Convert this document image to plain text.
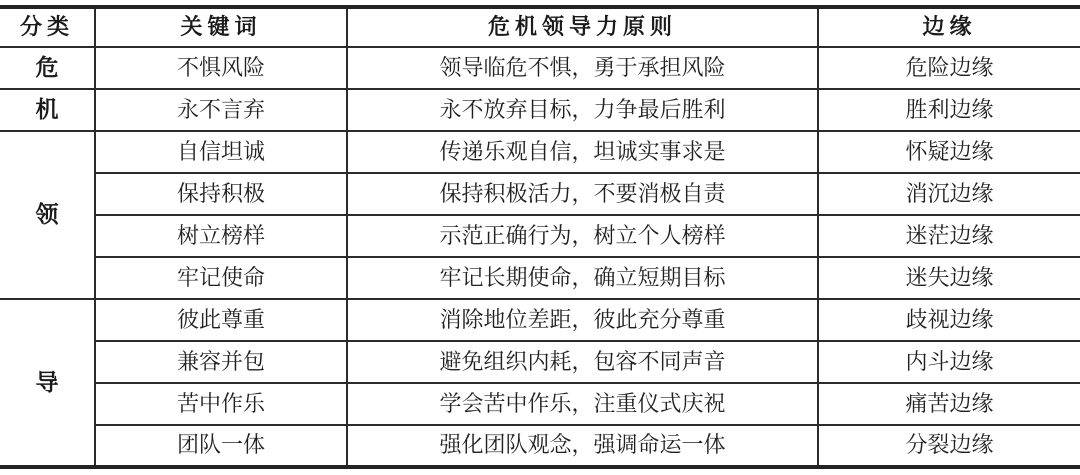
分类	关键词	危机领导力原则	边缘
危	不惧风险	领导临危不惧，勇于承担风险	危险边缘
机	永不言弃	永不放弃目标，力争最后胜利	胜利边缘
领	自信坦诚	传递乐观自信，坦诚实事求是	怀疑边缘
	保持积极	保持积极活力，不要消极自责	消沉边缘
	树立榜样	示范正确行为，树立个人榜样	迷茫边缘
	牢记使命	牢记长期使命，确立短期目标	迷失边缘
导	彼此尊重	消除地位差距，彼此充分尊重	歧视边缘
	兼容并包	避免组织内耗，包容不同声音	内斗边缘
	苦中作乐	学会苦中作乐，注重仪式庆祝	痛苦边缘
	团队一体	强化团队观念，强调命运一体	分裂边缘
